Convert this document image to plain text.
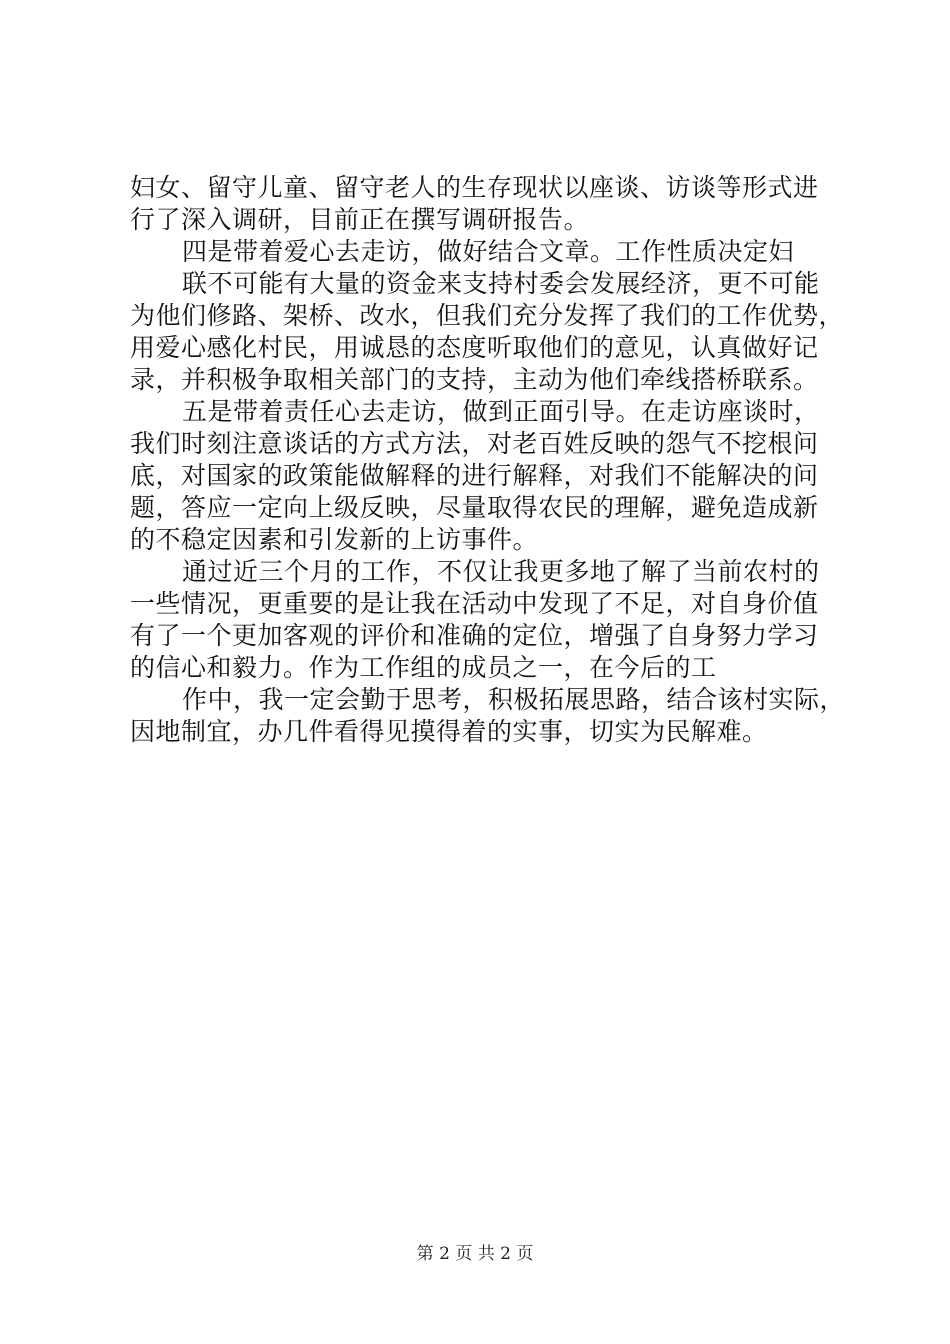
妇女、留守儿童、留守老人的生存现状以座谈、访谈等形式进
行了深入调研，目前正在撰写调研报告。
四是带着爱心去走访，做好结合文章。工作性质决定妇
联不可能有大量的资金来支持村委会发展经济，更不可能
为他们修路、架桥、改水，但我们充分发挥了我们的工作优势，
用爱心感化村民，用诚恳的态度听取他们的意见，认真做好记
录，并积极争取相关部门的支持，主动为他们牵线搭桥联系。
五是带着责任心去走访，做到正面引导。在走访座谈时，
我们时刻注意谈话的方式方法，对老百姓反映的怨气不挖根问
底，对国家的政策能做解释的进行解释，对我们不能解决的问
题，答应一定向上级反映，尽量取得农民的理解，避免造成新
的不稳定因素和引发新的上访事件。
通过近三个月的工作，不仅让我更多地了解了当前农村的
一些情况，更重要的是让我在活动中发现了不足，对自身价值
有了一个更加客观的评价和准确的定位，增强了自身努力学习
的信心和毅力。作为工作组的成员之一，在今后的工
作中，我一定会勤于思考，积极拓展思路，结合该村实际，
因地制宜，办几件看得见摸得着的实事，切实为民解难。
第 2 页 共 2 页
